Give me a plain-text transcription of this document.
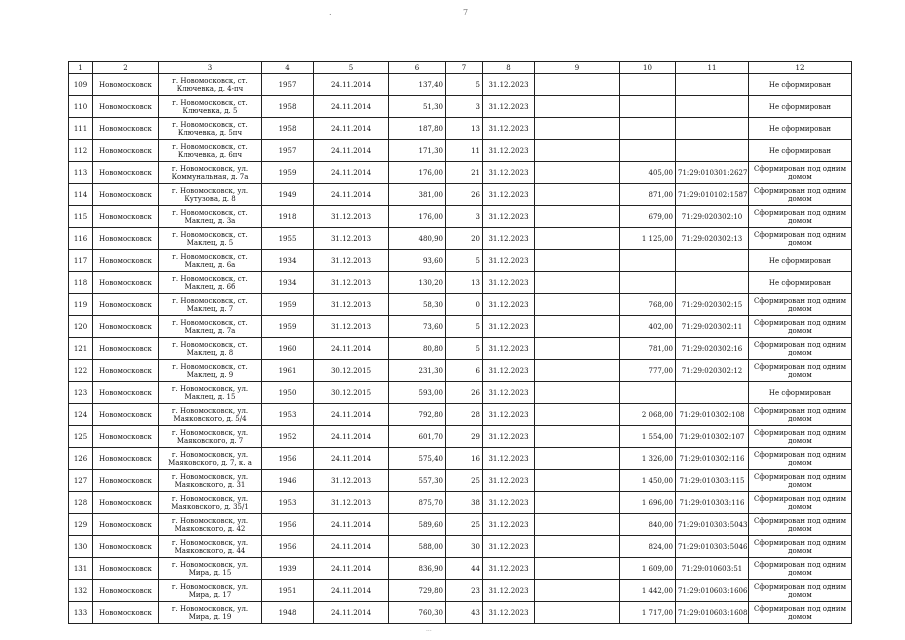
.	7
1	2	3	4	5	6	7	8	9	10	11	12
109	Новомосковск	г. Новомосковск, ст. Ключевка, д. 4-пч	1957	24.11.2014	137,40	5	31.12.2023				Не сформирован
110	Новомосковск	г. Новомосковск, ст. Ключевка, д. 5	1958	24.11.2014	51,30	3	31.12.2023				Не сформирован
111	Новомосковск	г. Новомосковск, ст. Ключевка, д. 5пч	1958	24.11.2014	187,80	13	31.12.2023				Не сформирован
112	Новомосковск	г. Новомосковск, ст. Ключевка, д. 6пч	1957	24.11.2014	171,30	11	31.12.2023				Не сформирован
113	Новомосковск	г. Новомосковск, ул. Коммунальная, д. 7а	1959	24.11.2014	176,00	21	31.12.2023		405,00	71:29:010301:2627	Сформирован под одним домом
114	Новомосковск	г. Новомосковск, ул. Кутузова, д. 8	1949	24.11.2014	381,00	26	31.12.2023		871,00	71:29:010102:1587	Сформирован под одним домом
115	Новомосковск	г. Новомосковск, ст. Маклец, д. 3а	1918	31.12.2013	176,00	3	31.12.2023		679,00	71:29:020302:10	Сформирован под одним домом
116	Новомосковск	г. Новомосковск, ст. Маклец, д. 5	1955	31.12.2013	480,90	20	31.12.2023		1 125,00	71:29:020302:13	Сформирован под одним домом
117	Новомосковск	г. Новомосковск, ст. Маклец, д. 6а	1934	31.12.2013	93,60	5	31.12.2023				Не сформирован
118	Новомосковск	г. Новомосковск, ст. Маклец, д. 6б	1934	31.12.2013	130,20	13	31.12.2023				Не сформирован
119	Новомосковск	г. Новомосковск, ст. Маклец, д. 7	1959	31.12.2013	58,30	0	31.12.2023		768,00	71:29:020302:15	Сформирован под одним домом
120	Новомосковск	г. Новомосковск, ст. Маклец, д. 7а	1959	31.12.2013	73,60	5	31.12.2023		402,00	71:29:020302:11	Сформирован под одним домом
121	Новомосковск	г. Новомосковск, ст. Маклец, д. 8	1960	24.11.2014	80,80	5	31.12.2023		781,00	71:29:020302:16	Сформирован под одним домом
122	Новомосковск	г. Новомосковск, ст. Маклец, д. 9	1961	30.12.2015	231,30	6	31.12.2023		777,00	71:29:020302:12	Сформирован под одним домом
123	Новомосковск	г. Новомосковск, ул. Маклец, д. 15	1950	30.12.2015	593,00	26	31.12.2023				Не сформирован
124	Новомосковск	г. Новомосковск, ул. Маяковского, д. 5/4	1953	24.11.2014	792,80	28	31.12.2023		2 068,00	71:29:010302:108	Сформирован под одним домом
125	Новомосковск	г. Новомосковск, ул. Маяковского, д. 7	1952	24.11.2014	601,70	29	31.12.2023		1 554,00	71:29:010302:107	Сформирован под одним домом
126	Новомосковск	г. Новомосковск, ул. Маяковского, д. 7, к. а	1956	24.11.2014	575,40	16	31.12.2023		1 326,00	71:29:010302:116	Сформирован под одним домом
127	Новомосковск	г. Новомосковск, ул. Маяковского, д. 31	1946	31.12.2013	557,30	25	31.12.2023		1 450,00	71:29:010303:115	Сформирован под одним домом
128	Новомосковск	г. Новомосковск, ул. Маяковского, д. 35/1	1953	31.12.2013	875,70	38	31.12.2023		1 696,00	71:29:010303:116	Сформирован под одним домом
129	Новомосковск	г. Новомосковск, ул. Маяковского, д. 42	1956	24.11.2014	589,60	25	31.12.2023		840,00	71:29:010303:5043	Сформирован под одним домом
130	Новомосковск	г. Новомосковск, ул. Маяковского, д. 44	1956	24.11.2014	588,00	30	31.12.2023		824,00	71:29:010303:5046	Сформирован под одним домом
131	Новомосковск	г. Новомосковск, ул. Мира, д. 15	1939	24.11.2014	836,90	44	31.12.2023		1 609,00	71:29:010603:51	Сформирован под одним домом
132	Новомосковск	г. Новомосковск, ул. Мира, д. 17	1951	24.11.2014	729,80	23	31.12.2023		1 442,00	71:29:010603:1606	Сформирован под одним домом
133	Новомосковск	г. Новомосковск, ул. Мира, д. 19	1948	24.11.2014	760,30	43	31.12.2023		1 717,00	71:29:010603:1608	Сформирован под одним домом
...
